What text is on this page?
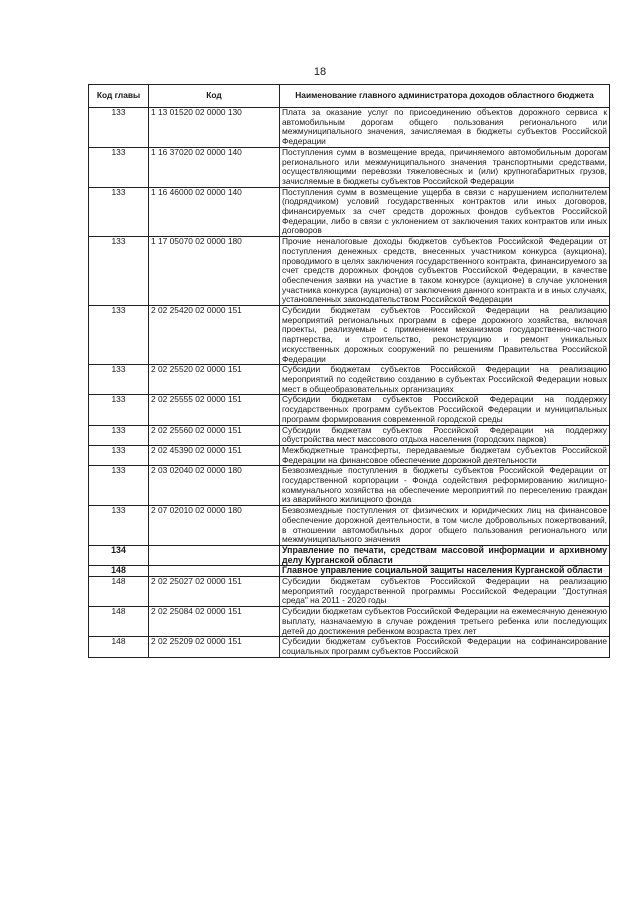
18
Код главы	Код	Наименование главного администратора доходов областного бюджета
133	1 13 01520 02 0000 130	Плата за оказание услуг по присоединению объектов дорожного сервиса к автомобильным дорогам общего пользования регионального или межмуниципального значения, зачисляемая в бюджеты субъектов Российской Федерации
133	1 16 37020 02 0000 140	Поступления сумм в возмещение вреда, причиняемого автомобильным дорогам регионального или межмуниципального значения транспортными средствами, осуществляющими перевозки тяжеловесных и (или) крупногабаритных грузов, зачисляемые в бюджеты субъектов Российской Федерации
133	1 16 46000 02 0000 140	Поступления сумм в возмещение ущерба в связи с нарушением исполнителем (подрядчиком) условий государственных контрактов или иных договоров, финансируемых за счет средств дорожных фондов субъектов Российской Федерации, либо в связи с уклонением от заключения таких контрактов или иных договоров
133	1 17 05070 02 0000 180	Прочие неналоговые доходы бюджетов субъектов Российской Федерации от поступления денежных средств, внесенных участником конкурса (аукциона), проводимого в целях заключения государственного контракта, финансируемого за счет средств дорожных фондов субъектов Российской Федерации, в качестве обеспечения заявки на участие в таком конкурсе (аукционе) в случае уклонения участника конкурса (аукциона) от заключения данного контракта и в иных случаях, установленных законодательством Российской Федерации
133	2 02 25420 02 0000 151	Субсидии бюджетам субъектов Российской Федерации на реализацию мероприятий региональных программ в сфере дорожного хозяйства, включая проекты, реализуемые с применением механизмов государственно-частного партнерства, и строительство, реконструкцию и ремонт уникальных искусственных дорожных сооружений по решениям Правительства Российской Федерации
133	2 02 25520 02 0000 151	Субсидии бюджетам субъектов Российской Федерации на реализацию мероприятий по содействию созданию в субъектах Российской Федерации новых мест в общеобразовательных организациях
133	2 02 25555 02 0000 151	Субсидии бюджетам субъектов Российской Федерации на поддержку государственных программ субъектов Российской Федерации и муниципальных программ формирования современной городской среды
133	2 02 25560 02 0000 151	Субсидии бюджетам субъектов Российской Федерации на поддержку обустройства мест массового отдыха населения (городских парков)
133	2 02 45390 02 0000 151	Межбюджетные трансферты, передаваемые бюджетам субъектов Российской Федерации на финансовое обеспечение дорожной деятельности
133	2 03 02040 02 0000 180	Безвозмездные поступления в бюджеты субъектов Российской Федерации от государственной корпорации - Фонда содействия реформированию жилищно-коммунального хозяйства на обеспечение мероприятий по переселению граждан из аварийного жилищного фонда
133	2 07 02010 02 0000 180	Безвозмездные поступления от физических и юридических лиц на финансовое обеспечение дорожной деятельности, в том числе добровольных пожертвований, в отношении автомобильных дорог общего пользования регионального или межмуниципального значения
134		Управление по печати, средствам массовой информации и архивному делу Курганской области
148		Главное управление социальной защиты населения Курганской области
148	2 02 25027 02 0000 151	Субсидии бюджетам субъектов Российской Федерации на реализацию мероприятий государственной программы Российской Федерации "Доступная среда" на 2011 - 2020 годы
148	2 02 25084 02 0000 151	Субсидии бюджетам субъектов Российской Федерации на ежемесячную денежную выплату, назначаемую в случае рождения третьего ребенка или последующих детей до достижения ребенком возраста трех лет
148	2 02 25209 02 0000 151	Субсидии бюджетам субъектов Российской Федерации на софинансирование социальных программ субъектов Российской
